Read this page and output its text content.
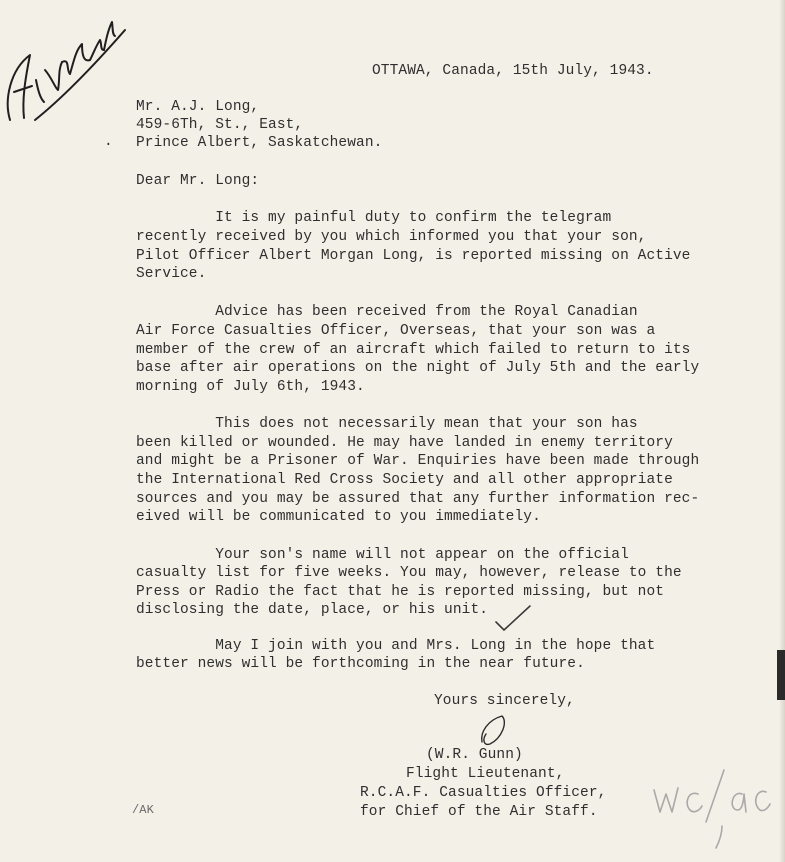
OTTAWA, Canada, 15th July, 1943.
Mr. A.J. Long,
459-6Th, St., East,
Prince Albert, Saskatchewan.
·
Dear Mr. Long:
It is my painful duty to confirm the telegram
recently received by you which informed you that your son,
Pilot Officer Albert Morgan Long, is reported missing on Active
Service.
Advice has been received from the Royal Canadian
Air Force Casualties Officer, Overseas, that your son was a
member of the crew of an aircraft which failed to return to its
base after air operations on the night of July 5th and the early
morning of July 6th, 1943.
This does not necessarily mean that your son has
been killed or wounded. He may have landed in enemy territory
and might be a Prisoner of War. Enquiries have been made through
the International Red Cross Society and all other appropriate
sources and you may be assured that any further information rec-
eived will be communicated to you immediately.
Your son's name will not appear on the official
casualty list for five weeks. You may, however, release to the
Press or Radio the fact that he is reported missing, but not
disclosing the date, place, or his unit.
May I join with you and Mrs. Long in the hope that
better news will be forthcoming in the near future.
Yours sincerely,
(W.R. Gunn)
Flight Lieutenant,
R.C.A.F. Casualties Officer,
for Chief of the Air Staff.
/AK
